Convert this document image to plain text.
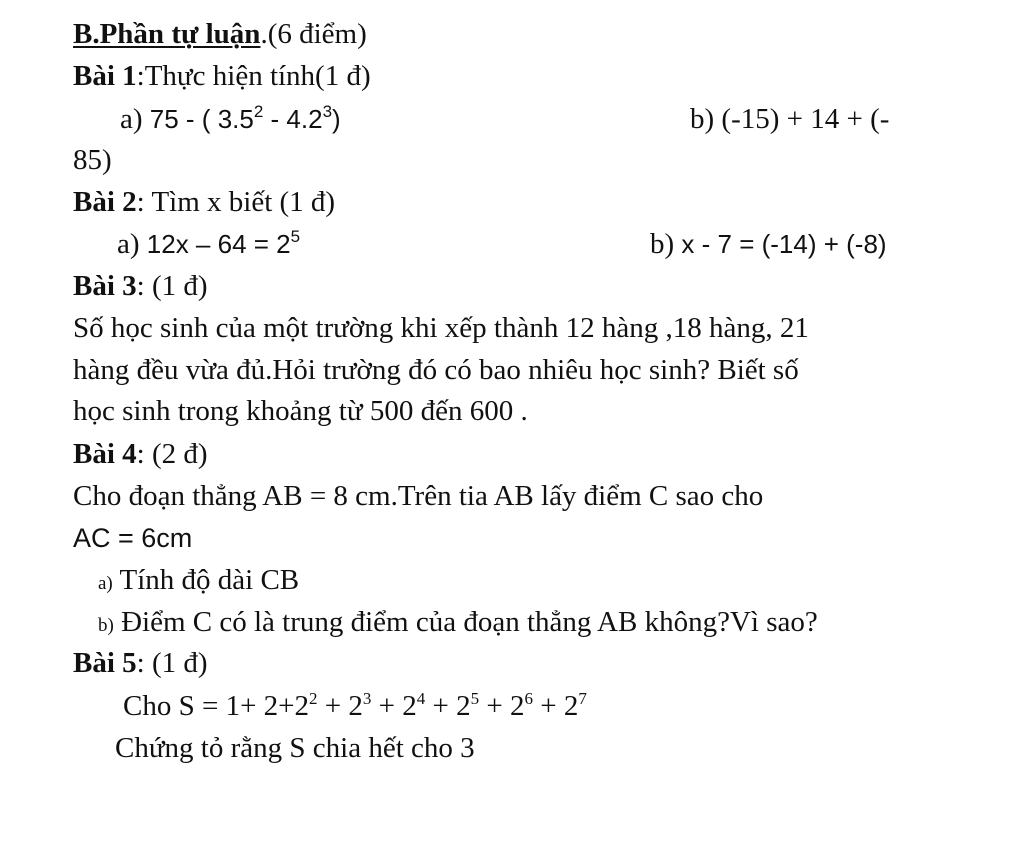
B.Phần tự luận.(6 điểm)
Bài 1:Thực hiện tính(1 đ)
a) 75 - ( $3.5^2 - 4.2^3$)	b) (-15) + 14 + (-
85)
Bài 2: Tìm x biết (1 đ)
a) $12x - 64 = 2^5$	b) x - 7 = (-14) + (-8)
Bài 3: (1 đ)
Số học sinh của một trường khi xếp thành 12 hàng ,18 hàng, 21
hàng đều vừa đủ.Hỏi trường đó có bao nhiêu học sinh? Biết số
học sinh trong khoảng từ 500 đến 600 .
Bài 4: (2 đ)
Cho đoạn thẳng AB = 8 cm.Trên tia AB lấy điểm C sao cho
AC = 6cm
a) Tính độ dài CB
b) Điểm C có là trung điểm của đoạn thẳng AB không?Vì sao?
Bài 5: (1 đ)
Cho $S = 1+ 2+2^2 + 2^3 + 2^4 + 2^5 + 2^6 + 2^7$
Chứng tỏ rằng S chia hết cho 3
